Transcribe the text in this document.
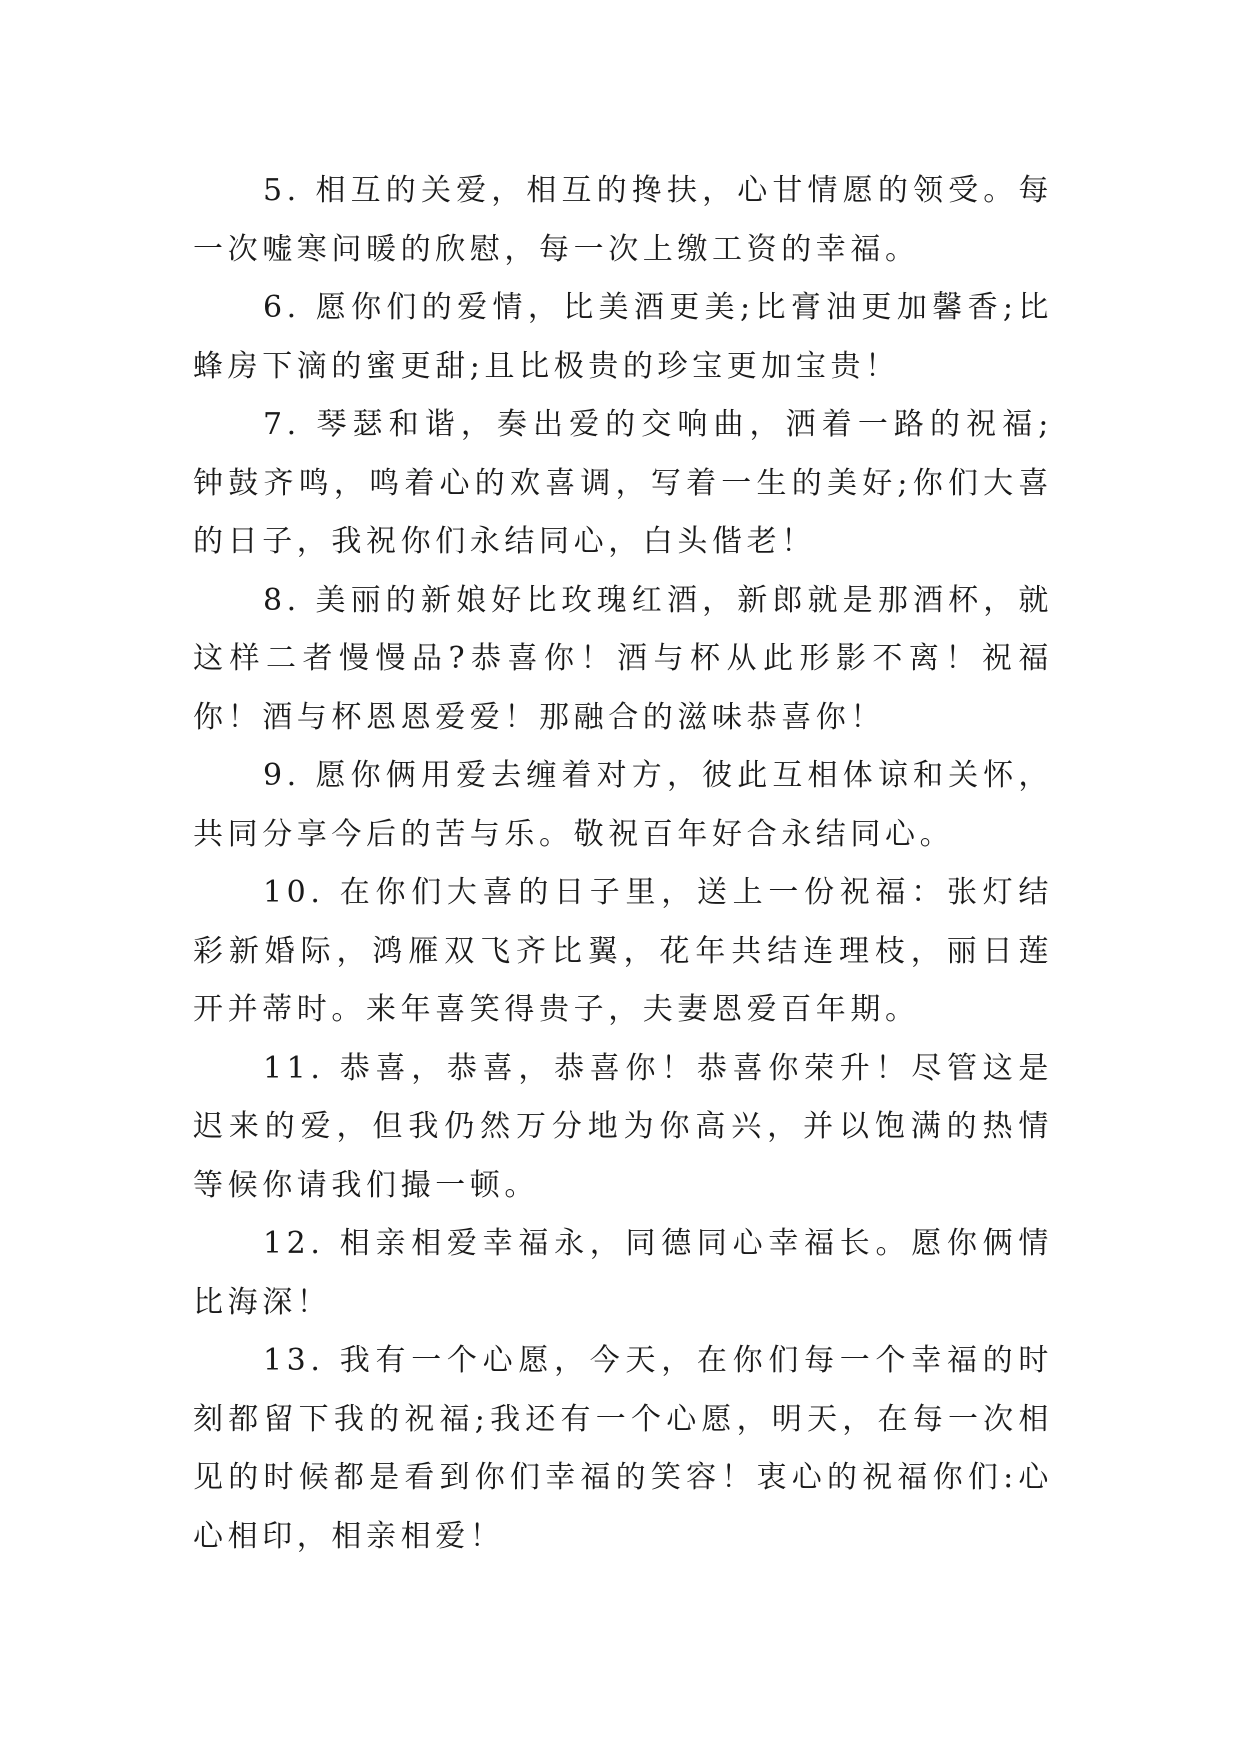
5. 相互的关爱，相互的搀扶，心甘情愿的领受。每一次嘘寒问暖的欣慰，每一次上缴工资的幸福。

6. 愿你们的爱情，比美酒更美;比膏油更加馨香;比蜂房下滴的蜜更甜;且比极贵的珍宝更加宝贵！

7. 琴瑟和谐，奏出爱的交响曲，洒着一路的祝福;钟鼓齐鸣，鸣着心的欢喜调，写着一生的美好;你们大喜的日子，我祝你们永结同心，白头偕老！

8. 美丽的新娘好比玫瑰红酒，新郎就是那酒杯，就这样二者慢慢品?恭喜你！酒与杯从此形影不离！祝福你！酒与杯恩恩爱爱！那融合的滋味恭喜你！

9. 愿你俩用爱去缠着对方，彼此互相体谅和关怀，共同分享今后的苦与乐。敬祝百年好合永结同心。

10. 在你们大喜的日子里，送上一份祝福：张灯结彩新婚际，鸿雁双飞齐比翼，花年共结连理枝，丽日莲开并蒂时。来年喜笑得贵子，夫妻恩爱百年期。

11. 恭喜，恭喜，恭喜你！恭喜你荣升！尽管这是迟来的爱，但我仍然万分地为你高兴，并以饱满的热情等候你请我们撮一顿。

12. 相亲相爱幸福永，同德同心幸福长。愿你俩情比海深！

13. 我有一个心愿，今天，在你们每一个幸福的时刻都留下我的祝福;我还有一个心愿，明天，在每一次相见的时候都是看到你们幸福的笑容！衷心的祝福你们:心心相印，相亲相爱！
